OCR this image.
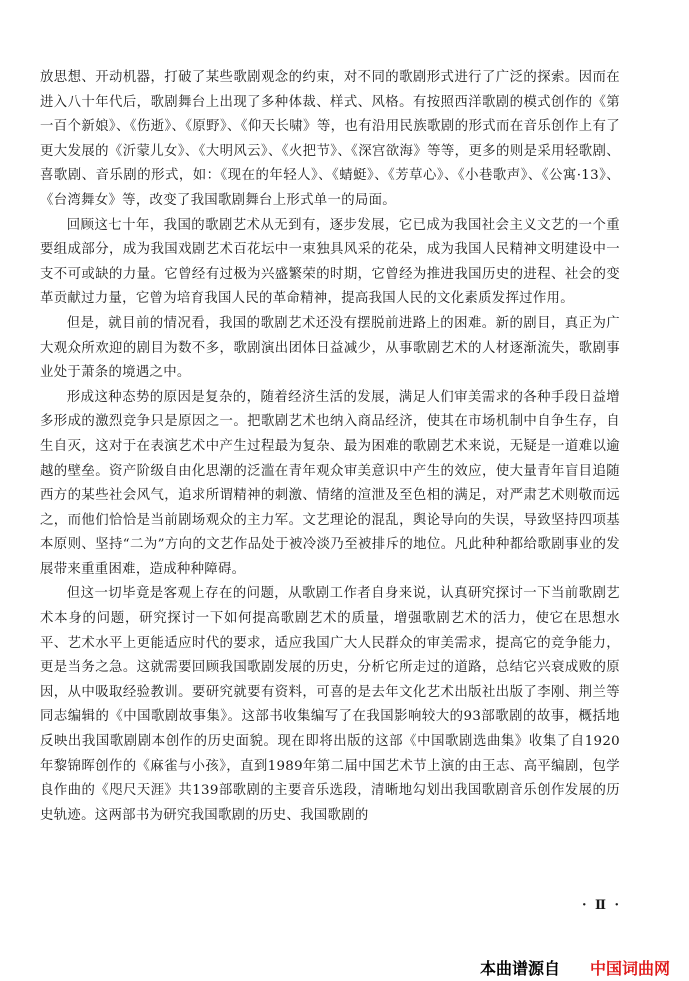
放思想、开动机器，打破了某些歌剧观念的约束，对不同的歌剧形式进行了广泛的探索。因而在进入八十年代后，歌剧舞台上出现了多种体裁、样式、风格。有按照西洋歌剧的模式创作的《第一百个新娘》、《伤逝》、《原野》、《仰天长啸》等，也有沿用民族歌剧的形式而在音乐创作上有了更大发展的《沂蒙儿女》、《大明风云》、《火把节》、《深宫欲海》等等，更多的则是采用轻歌剧、喜歌剧、音乐剧的形式，如：《现在的年轻人》、《蜻蜓》、《芳草心》、《小巷歌声》、《公寓·13》、《台湾舞女》等，改变了我国歌剧舞台上形式单一的局面。

回顾这七十年，我国的歌剧艺术从无到有，逐步发展，它已成为我国社会主义文艺的一个重要组成部分，成为我国戏剧艺术百花坛中一束独具风采的花朵，成为我国人民精神文明建设中一支不可或缺的力量。它曾经有过极为兴盛繁荣的时期，它曾经为推进我国历史的进程、社会的变革贡献过力量，它曾为培育我国人民的革命精神，提高我国人民的文化素质发挥过作用。

但是，就目前的情况看，我国的歌剧艺术还没有摆脱前进路上的困难。新的剧目，真正为广大观众所欢迎的剧目为数不多，歌剧演出团体日益减少，从事歌剧艺术的人材逐渐流失，歌剧事业处于萧条的境遇之中。

形成这种态势的原因是复杂的，随着经济生活的发展，满足人们审美需求的各种手段日益增多形成的激烈竞争只是原因之一。把歌剧艺术也纳入商品经济，使其在市场机制中自争生存，自生自灭，这对于在表演艺术中产生过程最为复杂、最为困难的歌剧艺术来说，无疑是一道难以逾越的壁垒。资产阶级自由化思潮的泛滥在青年观众审美意识中产生的效应，使大量青年盲目追随西方的某些社会风气，追求所谓精神的刺激、情绪的渲泄及至色相的满足，对严肃艺术则敬而远之，而他们恰恰是当前剧场观众的主力军。文艺理论的混乱，舆论导向的失误，导致坚持四项基本原则、坚持“二为”方向的文艺作品处于被冷淡乃至被排斥的地位。凡此种种都给歌剧事业的发展带来重重困难，造成种种障碍。

但这一切毕竟是客观上存在的问题，从歌剧工作者自身来说，认真研究探讨一下当前歌剧艺术本身的问题，研究探讨一下如何提高歌剧艺术的质量，增强歌剧艺术的活力，使它在思想水平、艺术水平上更能适应时代的要求，适应我国广大人民群众的审美需求，提高它的竞争能力，更是当务之急。这就需要回顾我国歌剧发展的历史，分析它所走过的道路，总结它兴衰成败的原因，从中吸取经验教训。要研究就要有资料，可喜的是去年文化艺术出版社出版了李刚、荆兰等同志编辑的《中国歌剧故事集》。这部书收集编写了在我国影响较大的93部歌剧的故事，概括地反映出我国歌剧剧本创作的历史面貌。现在即将出版的这部《中国歌剧选曲集》收集了自1920年黎锦晖创作的《麻雀与小孩》，直到1989年第二届中国艺术节上演的由王志、高平编剧，包学良作曲的《咫尺天涯》共139部歌剧的主要音乐选段，清晰地勾划出我国歌剧音乐创作发展的历史轨迹。这两部书为研究我国歌剧的历史、我国歌剧的

· Ⅱ ·
本曲谱源自 中国词曲网
